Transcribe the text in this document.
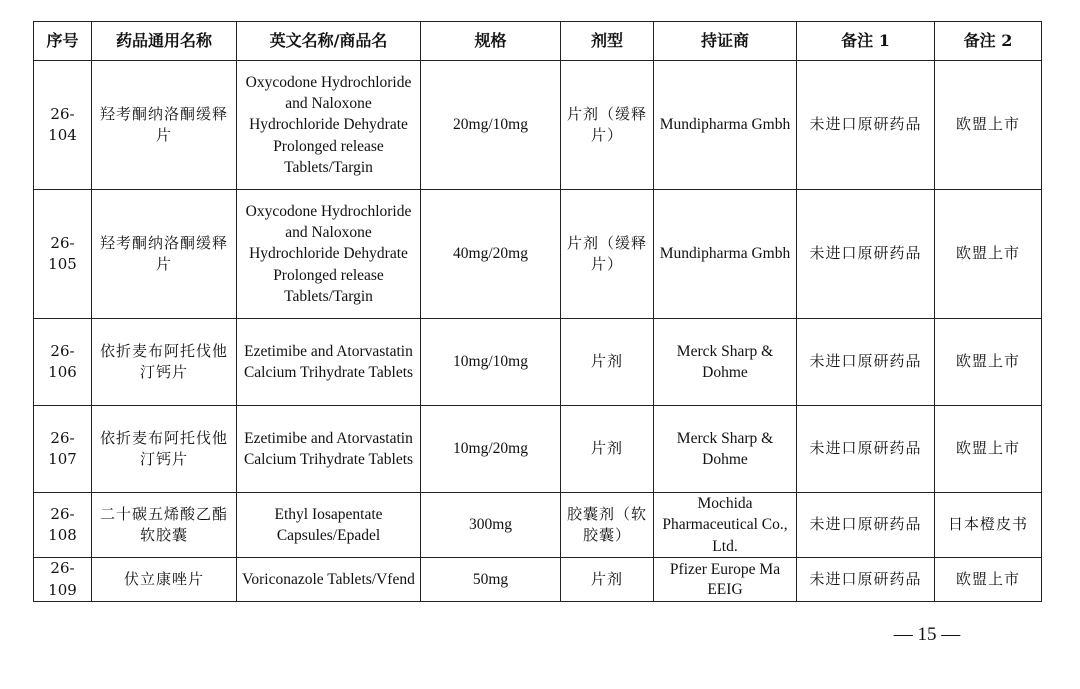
序号	药品通用名称	英文名称/商品名	规格	剂型	持证商	备注 1	备注 2
26-104	羟考酮纳洛酮缓释片	Oxycodone Hydrochloride and Naloxone Hydrochloride Dehydrate Prolonged release Tablets/Targin	20mg/10mg	片剂（缓释片）	Mundipharma Gmbh	未进口原研药品	欧盟上市
26-105	羟考酮纳洛酮缓释片	Oxycodone Hydrochloride and Naloxone Hydrochloride Dehydrate Prolonged release Tablets/Targin	40mg/20mg	片剂（缓释片）	Mundipharma Gmbh	未进口原研药品	欧盟上市
26-106	依折麦布阿托伐他汀钙片	Ezetimibe and Atorvastatin Calcium Trihydrate Tablets	10mg/10mg	片剂	Merck Sharp & Dohme	未进口原研药品	欧盟上市
26-107	依折麦布阿托伐他汀钙片	Ezetimibe and Atorvastatin Calcium Trihydrate Tablets	10mg/20mg	片剂	Merck Sharp & Dohme	未进口原研药品	欧盟上市
26-108	二十碳五烯酸乙酯软胶囊	Ethyl Iosapentate Capsules/Epadel	300mg	胶囊剂（软胶囊）	Mochida Pharmaceutical Co., Ltd.	未进口原研药品	日本橙皮书
26-109	伏立康唑片	Voriconazole Tablets/Vfend	50mg	片剂	Pfizer Europe Ma EEIG	未进口原研药品	欧盟上市
— 15 —
